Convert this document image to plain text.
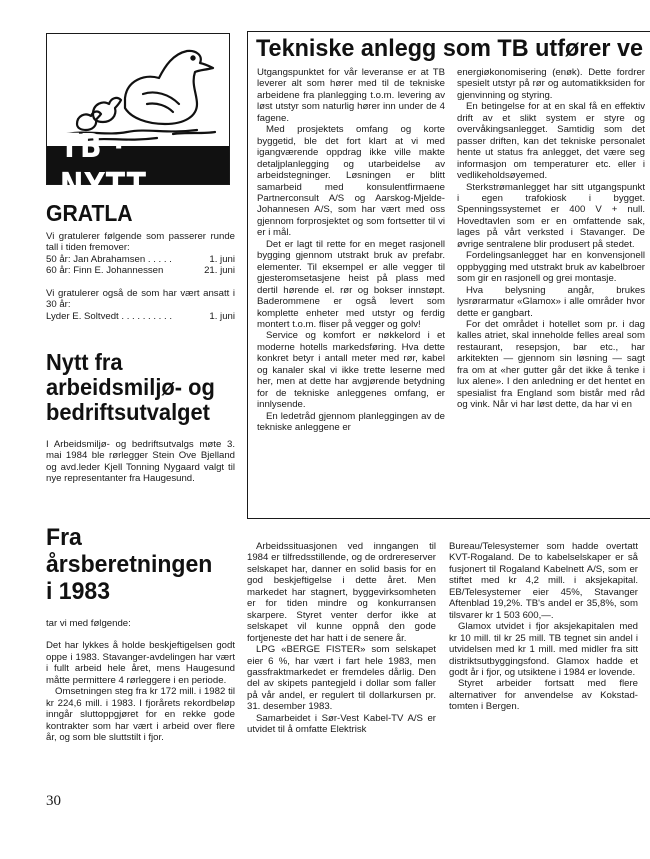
TB · NYTT
GRATLA

Vi gratulerer følgende som passerer runde tall i tiden fremover:

50 år: Jan Abrahamsen . . . . .	1. juni
60 år: Finn E. Johannessen	21. juni

Vi gratulerer også de som har vært ansatt i 30 år:

Lyder E. Soltvedt . . . . . . . . . .	1. juni
Nytt fra
arbeidsmiljø- og
bedriftsutvalget

I Arbeidsmiljø- og bedriftsutvalgs møte 3. mai 1984 ble rørlegger Stein Ove Bjelland og avd.leder Kjell Tonning Nygaard valgt til nye representanter fra Haugesund.

Tekniske anlegg som TB utfører ve

Utgangspunktet for vår leveranse er at TB leverer alt som hører med til de tekniske arbeidene fra planlegging t.o.m. levering av løst utstyr som naturlig hører inn under de 4 fagene.

Med prosjektets omfang og korte byggetid, ble det fort klart at vi med igangværende oppdrag ikke ville makte detaljplanlegging og utarbeidelse av arbeidstegninger. Løsningen er blitt samarbeid med konsulentfirmaene Partnerconsult A/S og Aarskog-Mjelde-Johannesen A/S, som har vært med oss gjennom forprosjektet og som fortsetter til vi er i mål.

Det er lagt til rette for en meget rasjonell bygging gjennom utstrakt bruk av prefabr. elementer. Til eksempel er alle vegger til gjesteromsetasjene heist på plass med dertil hørende el. rør og bokser innstøpt. Baderommene er også levert som komplette enheter med utstyr og ferdig montert t.o.m. fliser på vegger og golv!

Service og komfort er nøkkelord i et moderne hotells markedsføring. Hva dette konkret betyr i antall meter med rør, kabel og kanaler skal vi ikke trette leserne med her, men at dette har avgjørende betydning for de tekniske anleggenes omfang, er innlysende.

En ledetråd gjennom planleggingen av de tekniske anleggene er

energiøkonomisering (enøk). Dette fordrer spesielt utstyr på rør og automatikksiden for gjenvinning og styring.

En betingelse for at en skal få en effektiv drift av et slikt system er styre og overvåkingsanlegget. Samtidig som det passer driften, kan det tekniske personalet hente ut status fra anlegget, det være seg informasjon om temperaturer etc. eller i vedlikeholdsøyemed.

Sterkstrømanlegget har sitt utgangspunkt i egen trafokiosk i bygget. Spenningssystemet er 400 V + null. Hovedtavlen som er en omfattende sak, lages på vårt verksted i Stavanger. De øvrige sentralene blir produsert på stedet.

Fordelingsanlegget har en konvensjonell oppbygging med utstrakt bruk av kabelbroer som gir en rasjonell og grei montasje.

Hva belysning angår, brukes lysrørarmatur «Glamox» i alle områder hvor dette er gangbart.

For det området i hotellet som pr. i dag kalles atriet, skal inneholde felles areal som restaurant, resepsjon, bar etc., har arkitekten — gjennom sin løsning — sagt fra om at «her gutter går det ikke å tenke i lux alene». I den anledning er det hentet en spesialist fra England som bistår med råd og vink. Når vi har løst dette, da har vi en

Fra
årsberetningen
i 1983

tar vi med følgende:

Det har lykkes å holde beskjeftigelsen godt oppe i 1983. Stavanger-avdelingen har vært i fullt arbeid hele året, mens Haugesund måtte permittere 4 rørleggere i en periode.

Omsetningen steg fra kr 172 mill. i 1982 til kr 224,6 mill. i 1983. I fjorårets rekordbeløp inngår sluttoppgjøret for en rekke gode kontrakter som har vært i arbeid over flere år, og som ble sluttstilt i fjor.

Arbeidssituasjonen ved inngangen til 1984 er tilfredsstillende, og de ordrereserver selskapet har, danner en solid basis for en god beskjeftigelse i dette året. Men markedet har stagnert, byggevirksomheten er for tiden mindre og konkurransen skarpere. Styret venter derfor ikke at selskapet vil kunne oppnå den gode fortjeneste det har hatt i de senere år.

LPG «BERGE FISTER» som selskapet eier 6 %, har vært i fart hele 1983, men gassfraktmarkedet er fremdeles dårlig. Den del av skipets pantegjeld i dollar som faller på vår andel, er regulert til dollarkursen pr. 31. desember 1983.

Samarbeidet i Sør-Vest Kabel-TV A/S er utvidet til å omfatte Elektrisk

Bureau/Telesystemer som hadde overtatt KVT-Rogaland. De to kabelselskaper er så fusjonert til Rogaland Kabelnett A/S, som er stiftet med kr 4,2 mill. i aksjekapital. EB/Telesystemer eier 45%, Stavanger Aftenblad 19,2%. TB's andel er 35,8%, som tilsvarer kr 1 503 600,—.

Glamox utvidet i fjor aksjekapitalen med kr 10 mill. til kr 25 mill. TB tegnet sin andel i utvidelsen med kr 1 mill. med midler fra sitt distriktsutbyggingsfond. Glamox hadde et godt år i fjor, og utsiktene i 1984 er lovende.

Styret arbeider fortsatt med flere alternativer for anvendelse av Kokstad-tomten i Bergen.

30
